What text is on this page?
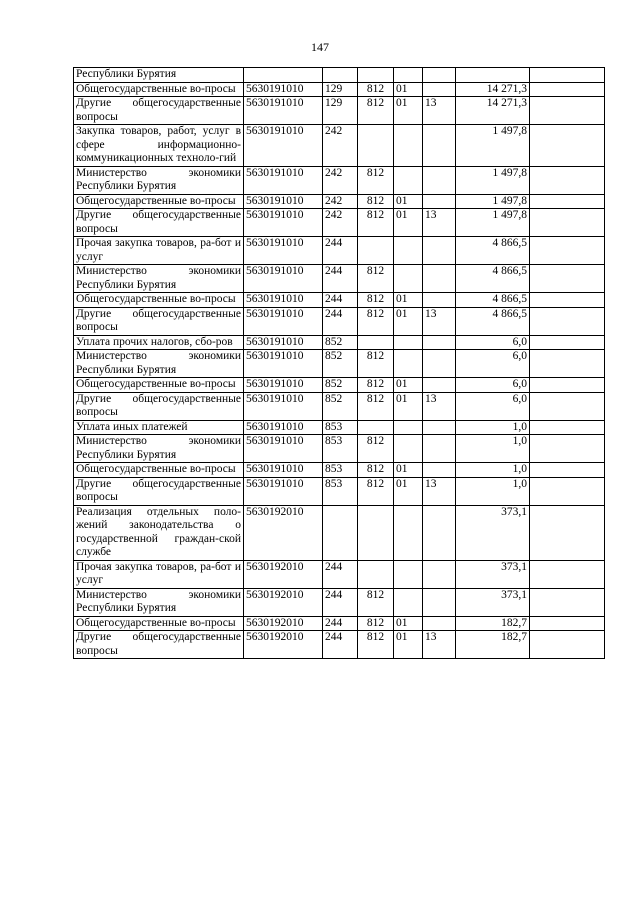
147
Республики Бурятия							
Общегосударственные во-просы	5630191010	129	812	01		14 271,3	
Другие общегосударственные вопросы	5630191010	129	812	01	13	14 271,3	
Закупка товаров, работ, услуг в сфере информационно-коммуникационных техноло-гий	5630191010	242				1 497,8	
Министерство экономики Республики Бурятия	5630191010	242	812			1 497,8	
Общегосударственные во-просы	5630191010	242	812	01		1 497,8	
Другие общегосударственные вопросы	5630191010	242	812	01	13	1 497,8	
Прочая закупка товаров, ра-бот и услуг	5630191010	244				4 866,5	
Министерство экономики Республики Бурятия	5630191010	244	812			4 866,5	
Общегосударственные во-просы	5630191010	244	812	01		4 866,5	
Другие общегосударственные вопросы	5630191010	244	812	01	13	4 866,5	
Уплата прочих налогов, сбо-ров	5630191010	852				6,0	
Министерство экономики Республики Бурятия	5630191010	852	812			6,0	
Общегосударственные во-просы	5630191010	852	812	01		6,0	
Другие общегосударственные вопросы	5630191010	852	812	01	13	6,0	
Уплата иных платежей	5630191010	853				1,0	
Министерство экономики Республики Бурятия	5630191010	853	812			1,0	
Общегосударственные во-просы	5630191010	853	812	01		1,0	
Другие общегосударственные вопросы	5630191010	853	812	01	13	1,0	
Реализация отдельных поло-жений законодательства о государственной граждан-ской службе	5630192010					373,1	
Прочая закупка товаров, ра-бот и услуг	5630192010	244				373,1	
Министерство экономики Республики Бурятия	5630192010	244	812			373,1	
Общегосударственные во-просы	5630192010	244	812	01		182,7	
Другие общегосударственные вопросы	5630192010	244	812	01	13	182,7	
